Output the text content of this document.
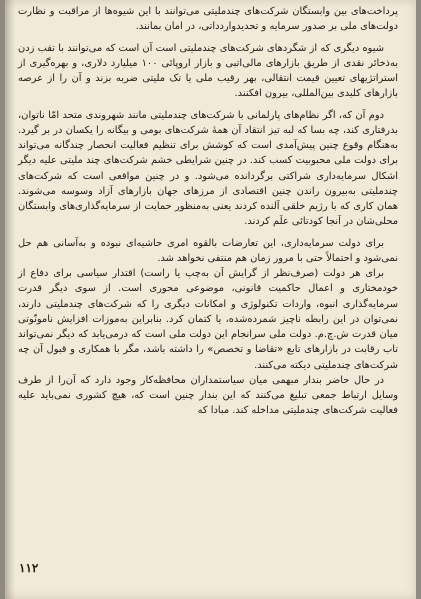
پرداخت‌های بین وابستگان شرکت‌های چندملیتی می‌توانند با این شیوه‌ها از مراقبت و نظارت دولت‌های ملی بر صدور سرمایه و تحدیدواردداتی، در امان بمانند.

شیوه دیگری که از شگردهای شرکت‌های چندملیتی است آن است که می‌توانند با تقب زدن به‌ذخائر نقدی از طریق بازارهای مالی‌اتبی و بازار اروپائی ۱۰۰ میلیارد دلاری، و بهره‌گیری از استراتژیهای تعیین قیمت انتقالی، بهر رقیب ملی یا تک ملیتی ضربه بزند و آن را از عرصه بازارهای کلیدی بین‌المللی، بیرون افکنند.

دوم آن که، اگر نظام‌های پارلمانی با شرکت‌های چندملیتی مانند شهروندی متحد امّا ناتوان، بدرفتاری کند، چه بسا که لبه تیز انتقاد آن همهٔ شرکت‌های بومی و بیگانه را یکسان در بر گیرد. به‌هنگام وقوع چنین پیش‌آمدی است که کوشش برای تنظیم فعالیت انحصار چندگانه می‌تواند برای دولت ملی محبوبیت کسب کند. در چنین شرایطی خشم شرکت‌های چند ملیتی علیه دیگر اشکال سرمایه‌داری شراکتی برگردانده می‌شود. و در چنین مواقعی است که شرکت‌های چندملیتی به‌بیرون راندن چنین اقتصادی از مرزهای جهان بازارهای آزاد وسوسه می‌شوند. همان کاری که با رژیم خلقی آلنده کردند یعنی به‌منظور حمایت از سرمایه‌گذاری‌های وابستگان محلی‌شان در آنجا کودتائی علَم کردند.

برای دولت سرمایه‌داری، این تعارضات بالقوه امری حاشیه‌ای نبوده و به‌آسانی هم حل نمی‌شود و احتمالاً حتی با مرور زمان هم منتفی نخواهد شد.

برای هر دولت (صرف‌نظر از گرایش آن به‌چپ یا راست) اقتدار سیاسی برای دفاع از خودمختاری و اعمال حاکمیت قانونی، موضوعی محوری است. از سوی دیگر قدرت سرمایه‌گذاری انبوه، واردات تکنولوژی و امکانات دیگری را که شرکت‌های چندملیتی دارند، نمی‌توان در این رابطه ناچیز شمرده‌شده، یا کتمان کرد. بنابراین به‌موزات افزایش نامونّوتی میان قدرت ش.چ.م. دولت ملی سرانجام این دولت ملی است که درمی‌یابد که دیگر نمی‌تواند تاب رقابت در بازارهای تابع «تقاضا و تخصص» را داشته باشد، مگر با همکاری و قبول آن چه شرکت‌های چندملیتی دیکته می‌کنند.

در حال حاضر بندار مبهمی میان سیاستمداران محافظه‌کار وجود دارد که آن‌را از طرف وسایل ارتباط جمعی تبلیغ می‌کنند که این بندار چنین است که، هیچ کشوری نمی‌باید علیه فعالیت شرکت‌های چندملیتی مداخله کند. مبادا که

۱۱۲
